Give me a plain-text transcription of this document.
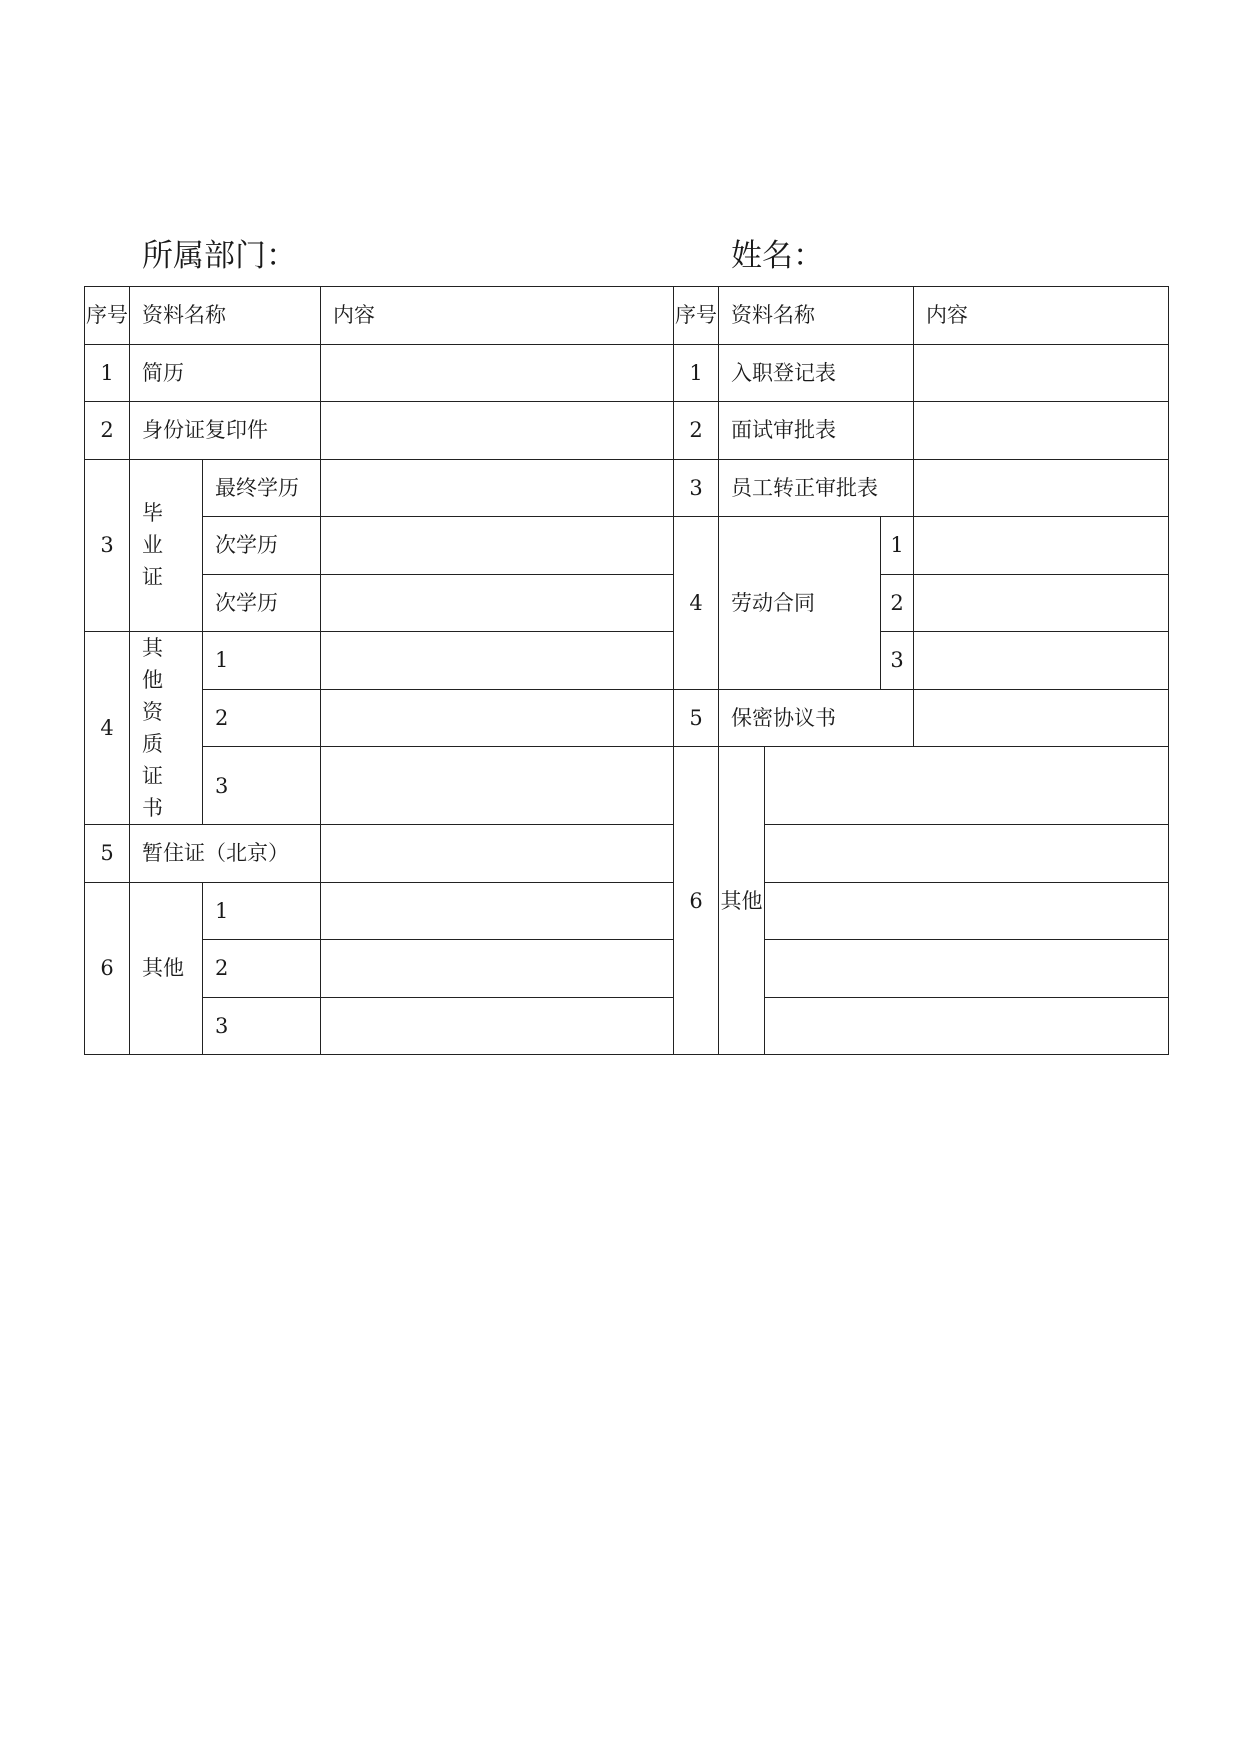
所属部门：	姓名：
序号	资料名称		内容	序号	资料名称			内容
1	简历			1	入职登记表			
2	身份证复印件			2	面试审批表			
3	毕业证	最终学历		3	员工转正审批表			
		次学历		4	劳动合同		1	
		次学历					2	
4	其他资质证书	1					3	
		2		5	保密协议书			
		3		6	其他			
5	暂住证（北京）							
6	其他	1						
		2						
		3						
